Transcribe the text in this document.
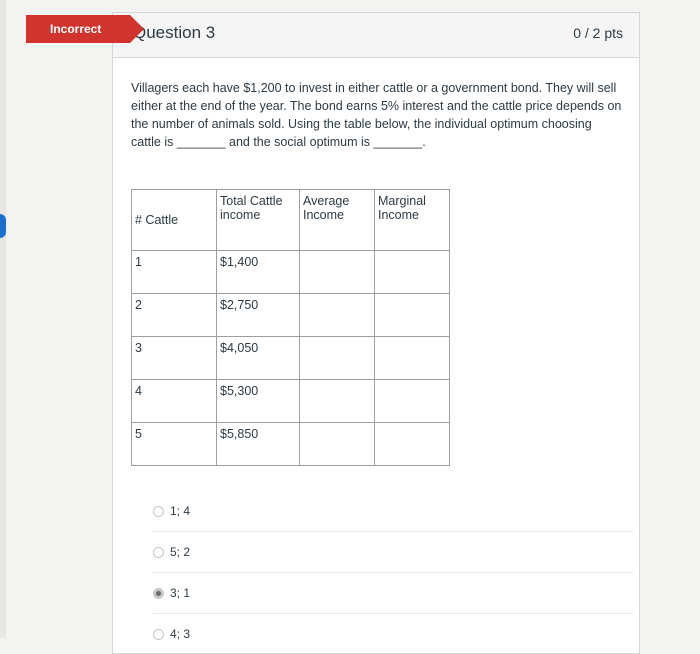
Question 3	0 / 2 pts
Villagers each have $1,200 to invest in either cattle or a government bond. They will sell either at the end of the year. The bond earns 5% interest and the cattle price depends on the number of animals sold. Using the table below, the individual optimum choosing cattle is _______ and the social optimum is _______.
# Cattle	Total Cattle income	Average Income	Marginal Income
1	$1,400		
2	$2,750		
3	$4,050		
4	$5,300		
5	$5,850		
1; 4
5; 2
3; 1
4; 3
Incorrect
